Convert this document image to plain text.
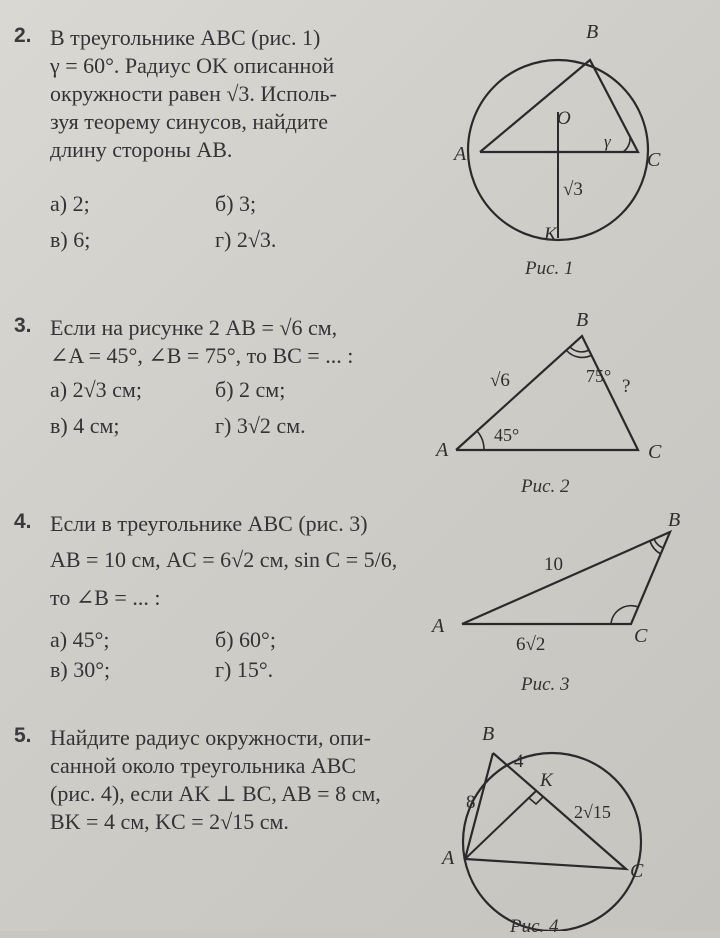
2. В треугольнике ABC (рис. 1)
γ = 60°. Радиус OK описанной
окружности равен √3. Исполь-
зуя теорему синусов, найдите
длину стороны AB.
а) 2;	б) 3;
в) 6;	г) 2√3.
B
A	C
O
K
γ
√3
Рис. 1
3. Если на рисунке 2 AB = √6 см,
∠A = 45°, ∠B = 75°, то BC = ... :
а) 2√3 см;	б) 2 см;
в) 4 см;	г) 3√2 см.
B
A	C
√6	75° ?
45°
Рис. 2
4. Если в треугольнике ABC (рис. 3)
AB = 10 см, AC = 6√2 см, sin C = 5/6,
то ∠B = ... :
а) 45°;	б) 60°;
в) 30°;	г) 15°.
B
A	C
10
6√2
Рис. 3
5. Найдите радиус окружности, опи-
санной около треугольника ABC
(рис. 4), если AK ⊥ BC, AB = 8 см,
BK = 4 см, KC = 2√15 см.
B
A
C
K
8
4
2√15
Рис. 4
